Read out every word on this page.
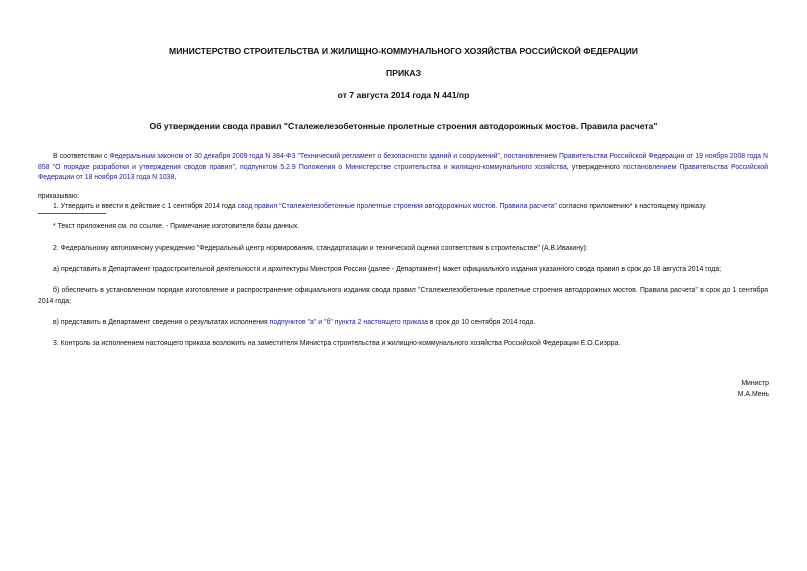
МИНИСТЕРСТВО СТРОИТЕЛЬСТВА И ЖИЛИЩНО-КОММУНАЛЬНОГО ХОЗЯЙСТВА РОССИЙСКОЙ ФЕДЕРАЦИИ
ПРИКАЗ
от 7 августа 2014 года N 441/пр
Об утверждении свода правил "Сталежелезобетонные пролетные строения автодорожных мостов. Правила расчета"
В соответствии с Федеральным законом от 30 декабря 2009 года N 384-ФЗ "Технический регламент о безопасности зданий и сооружений", постановлением Правительства Российской Федерации от 19 ноября 2008 года N 858 "О порядке разработки и утверждения сводов правил", подпунктом 5.2.9 Положения о Министерстве строительства и жилищно-коммунального хозяйства, утвержденного постановлением Правительства Российской Федерации от 18 ноября 2013 года N 1038,
приказываю:
1. Утвердить и ввести в действие с 1 сентября 2014 года свод правил "Сталежелезобетонные пролетные строения автодорожных мостов. Правила расчета" согласно приложению* к настоящему приказу.
* Текст приложения см. по ссылке. - Примечание изготовителя базы данных.
2. Федеральному автономному учреждению "Федеральный центр нормирования, стандартизации и технической оценки соответствия в строительстве" (А.В.Ивакину):
а) представить в Департамент градостроительной деятельности и архитектуры Минстроя России (далее - Департамент) макет официального издания указанного свода правил в срок до 18 августа 2014 года;
б) обеспечить в установленном порядке изготовление и распространение официального издания свода правил "Сталежелезобетонные пролетные строения автодорожных мостов. Правила расчета" в срок до 1 сентября 2014 года;
в) представить в Департамент сведения о результатах исполнения подпунктов "а" и "б" пункта 2 настоящего приказа в срок до 10 сентября 2014 года.
3. Контроль за исполнением настоящего приказа возложить на заместителя Министра строительства и жилищно-коммунального хозяйства Российской Федерации Е.О.Сиэрра.
Министр
М.А.Мень
